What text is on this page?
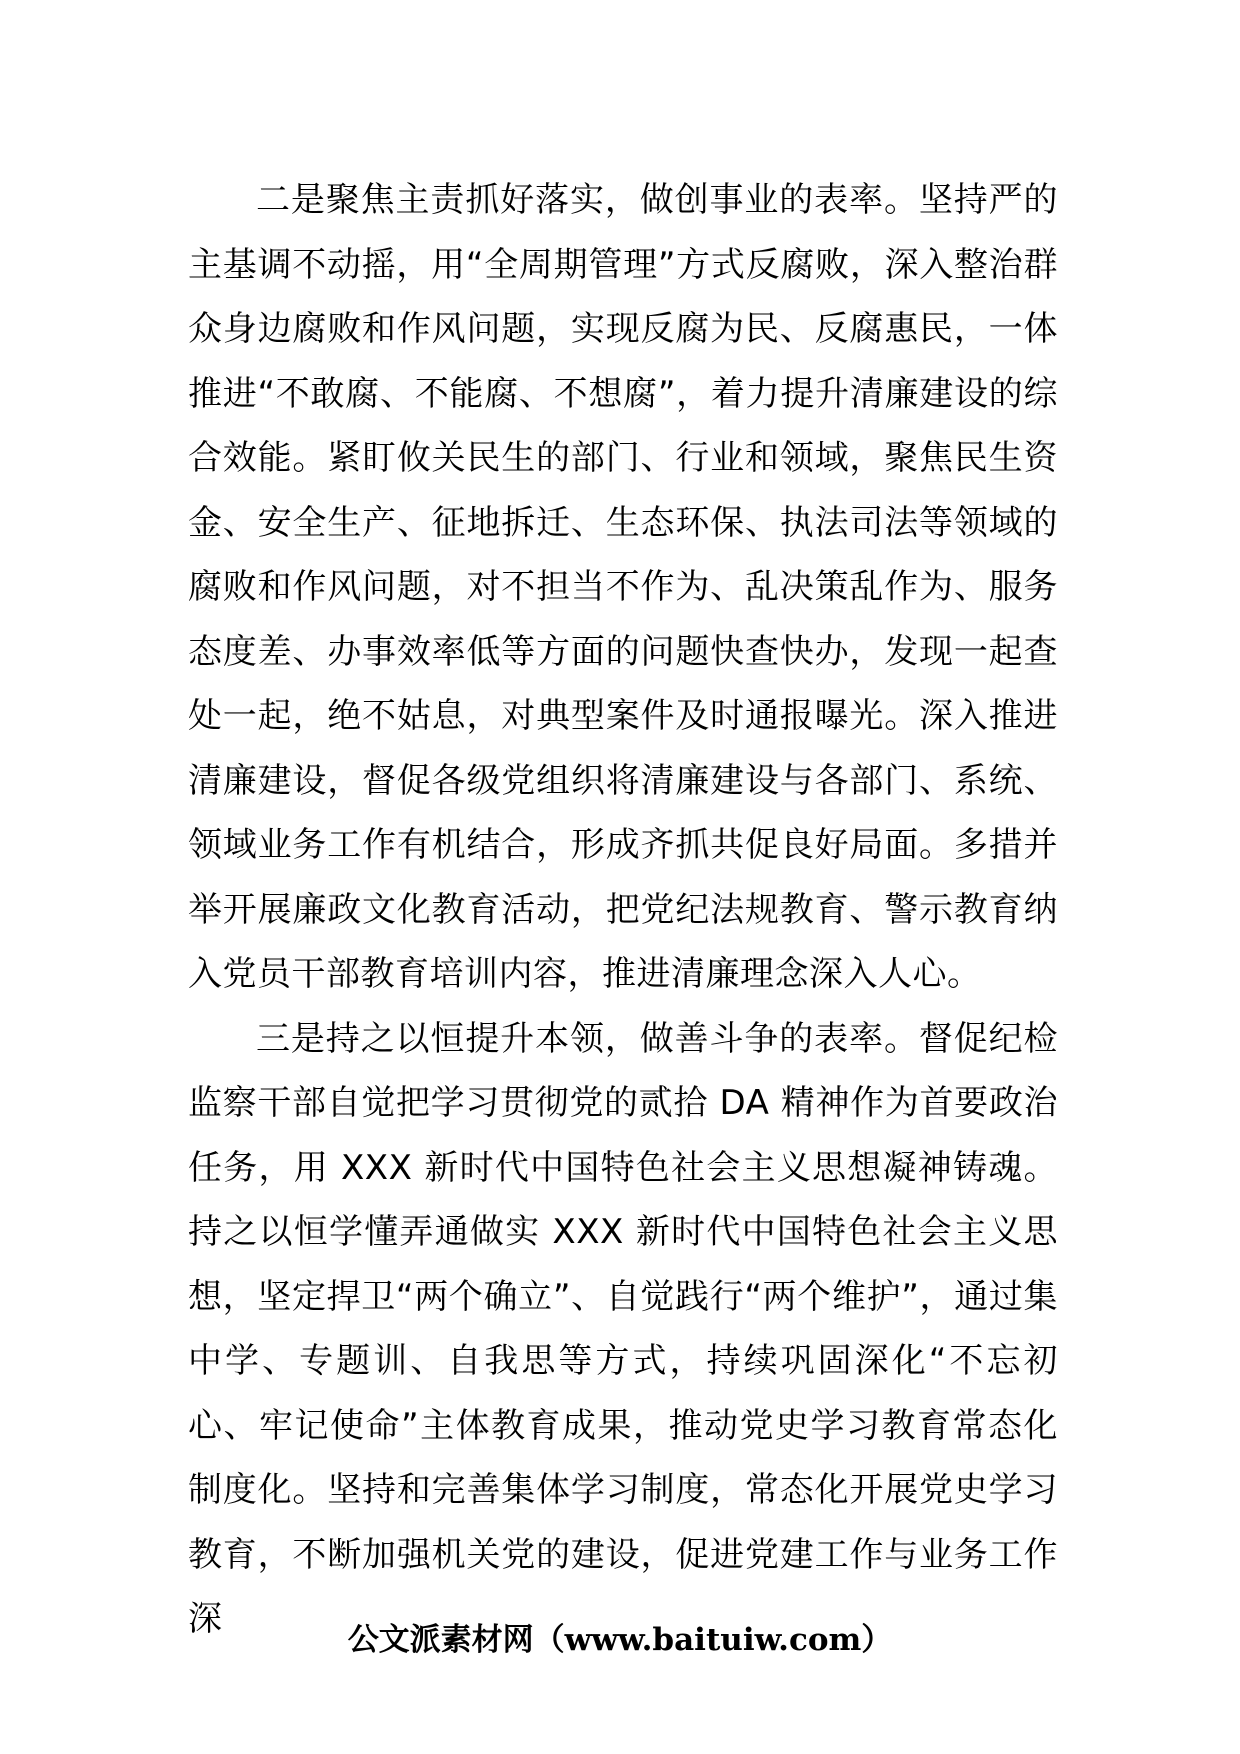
二是聚焦主责抓好落实，做创事业的表率。坚持严的主基调不动摇，用“全周期管理”方式反腐败，深入整治群众身边腐败和作风问题，实现反腐为民、反腐惠民，一体推进“不敢腐、不能腐、不想腐”，着力提升清廉建设的综合效能。紧盯攸关民生的部门、行业和领域，聚焦民生资金、安全生产、征地拆迁、生态环保、执法司法等领域的腐败和作风问题，对不担当不作为、乱决策乱作为、服务态度差、办事效率低等方面的问题快查快办，发现一起查处一起，绝不姑息，对典型案件及时通报曝光。深入推进清廉建设，督促各级党组织将清廉建设与各部门、系统、领域业务工作有机结合，形成齐抓共促良好局面。多措并举开展廉政文化教育活动，把党纪法规教育、警示教育纳入党员干部教育培训内容，推进清廉理念深入人心。

三是持之以恒提升本领，做善斗争的表率。督促纪检监察干部自觉把学习贯彻党的贰拾 DA 精神作为首要政治任务，用 XXX 新时代中国特色社会主义思想凝神铸魂。持之以恒学懂弄通做实 XXX 新时代中国特色社会主义思想，坚定捍卫“两个确立”、自觉践行“两个维护”，通过集中学、专题训、自我思等方式，持续巩固深化“不忘初心、牢记使命”主体教育成果，推动党史学习教育常态化制度化。坚持和完善集体学习制度，常态化开展党史学习教育，不断加强机关党的建设，促进党建工作与业务工作深

公文派素材网（www.baituiw.com）
